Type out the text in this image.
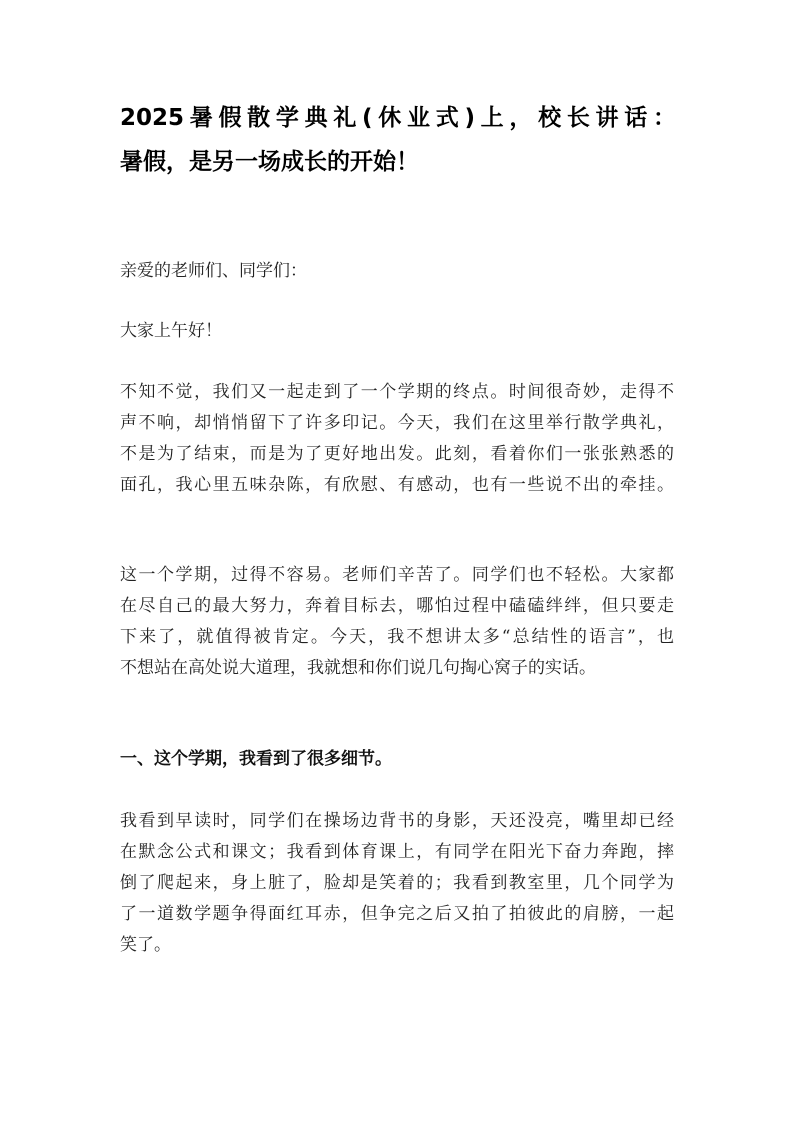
2025暑假散学典礼(休业式)上，校长讲话：
暑假，是另一场成长的开始！
亲爱的老师们、同学们：
大家上午好！
不知不觉，我们又一起走到了一个学期的终点。时间很奇妙，走得不
声不响，却悄悄留下了许多印记。今天，我们在这里举行散学典礼，
不是为了结束，而是为了更好地出发。此刻，看着你们一张张熟悉的
面孔，我心里五味杂陈，有欣慰、有感动，也有一些说不出的牵挂。
这一个学期，过得不容易。老师们辛苦了。同学们也不轻松。大家都
在尽自己的最大努力，奔着目标去，哪怕过程中磕磕绊绊，但只要走
下来了，就值得被肯定。今天，我不想讲太多“总结性的语言”，也
不想站在高处说大道理，我就想和你们说几句掏心窝子的实话。
一、这个学期，我看到了很多细节。
我看到早读时，同学们在操场边背书的身影，天还没亮，嘴里却已经
在默念公式和课文；我看到体育课上，有同学在阳光下奋力奔跑，摔
倒了爬起来，身上脏了，脸却是笑着的；我看到教室里，几个同学为
了一道数学题争得面红耳赤，但争完之后又拍了拍彼此的肩膀，一起
笑了。
